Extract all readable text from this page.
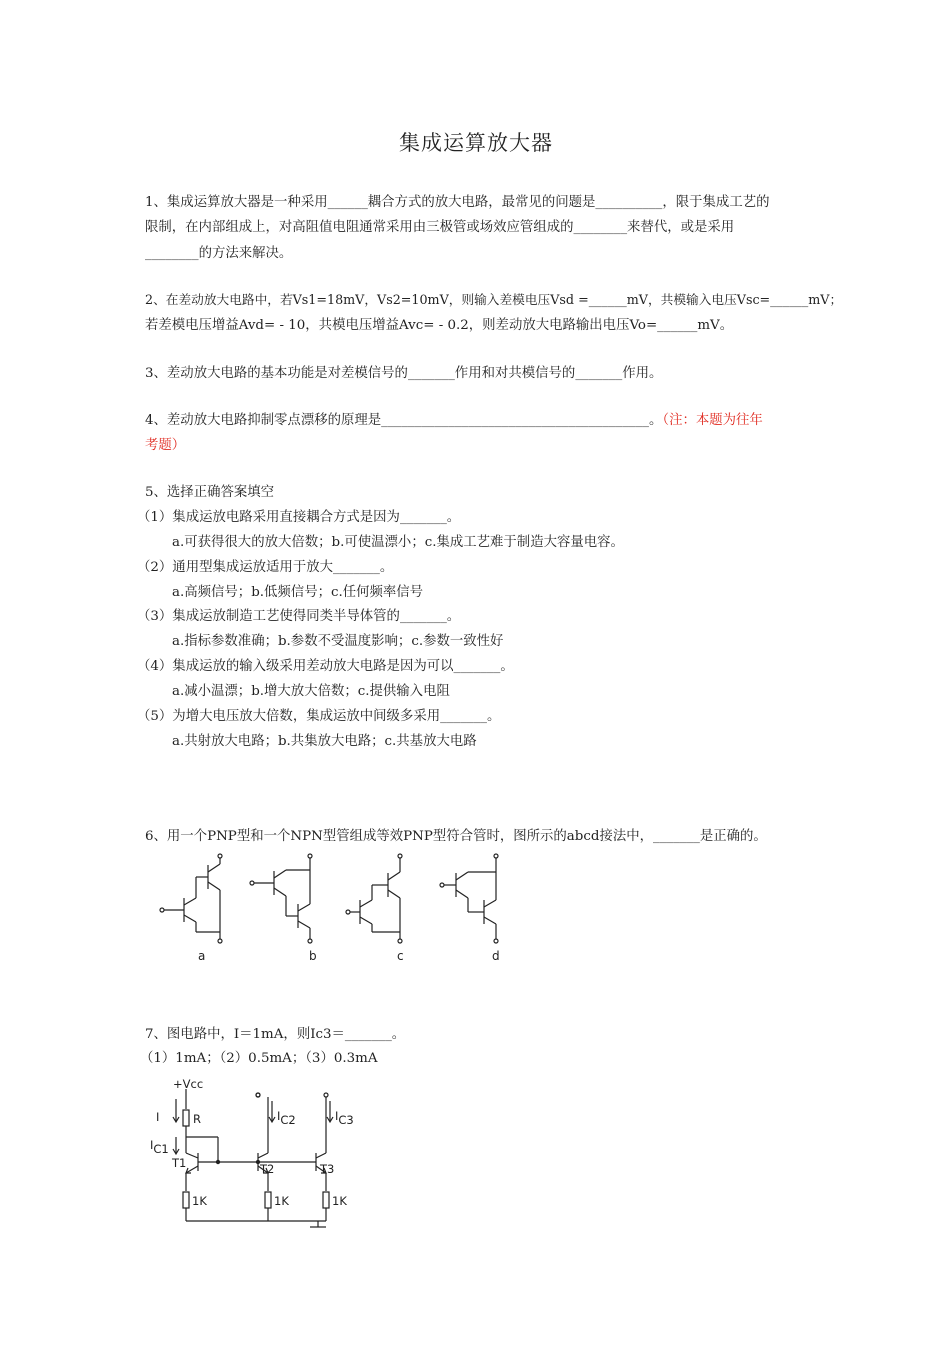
集成运算放大器
1、集成运算放大器是一种采用______耦合方式的放大电路，最常见的问题是__________，限于集成工艺的
限制，在内部组成上，对高阻值电阻通常采用由三极管或场效应管组成的________来替代，或是采用
________的方法来解决。
2、在差动放大电路中，若Vs1=18mV，Vs2=10mV，则输入差模电压Vsd =______mV，共模输入电压Vsc=______mV；
若差模电压增益Avd= - 10，共模电压增益Avc= - 0.2，则差动放大电路输出电压Vo=______mV。
3、差动放大电路的基本功能是对差模信号的_______作用和对共模信号的_______作用。
4、差动放大电路抑制零点漂移的原理是________________________________________。（注：本题为往年
考题）
5、选择正确答案填空
（1）集成运放电路采用直接耦合方式是因为_______。
a.可获得很大的放大倍数；b.可使温漂小；c.集成工艺难于制造大容量电容。
（2）通用型集成运放适用于放大_______。
a.高频信号；b.低频信号；c.任何频率信号
（3）集成运放制造工艺使得同类半导体管的_______。
a.指标参数准确；b.参数不受温度影响；c.参数一致性好
（4）集成运放的输入级采用差动放大电路是因为可以_______。
a.减小温漂；b.增大放大倍数；c.提供输入电阻
（5）为增大电压放大倍数，集成运放中间级多采用_______。
a.共射放大电路；b.共集放大电路；c.共基放大电路
6、用一个PNP型和一个NPN型管组成等效PNP型符合管时，图所示的abcd接法中，_______是正确的。
a	b	c	d
7、图电路中，I＝1mA，则Ic3＝_______。
（1）1mA；（2）0.5mA；（3）0.3mA
+Vcc
I	R
IC1
T1
IC2
T2
IC3
T3
1K	1K	1K
